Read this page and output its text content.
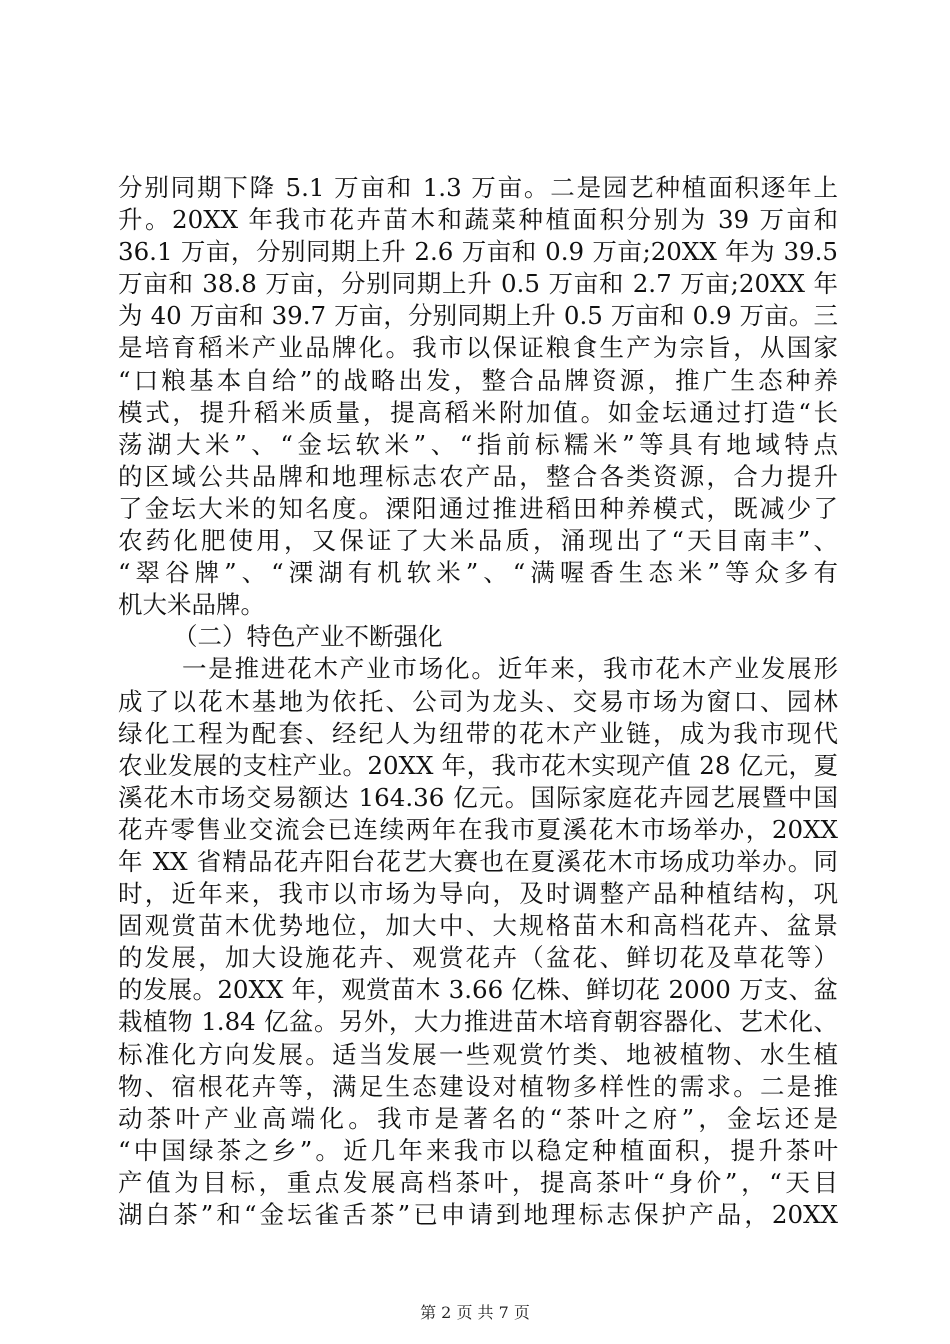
分别同期下降 5.1 万亩和 1.3 万亩。二是园艺种植面积逐年上
升。20XX 年我市花卉苗木和蔬菜种植面积分别为 39 万亩和
36.1 万亩，分别同期上升 2.6 万亩和 0.9 万亩;20XX 年为 39.5
万亩和 38.8 万亩，分别同期上升 0.5 万亩和 2.7 万亩;20XX 年
为 40 万亩和 39.7 万亩，分别同期上升 0.5 万亩和 0.9 万亩。三
是培育稻米产业品牌化。我市以保证粮食生产为宗旨，从国家
“口粮基本自给”的战略出发，整合品牌资源，推广生态种养
模式，提升稻米质量，提高稻米附加值。如金坛通过打造“长
荡湖大米”、“金坛软米”、“指前标糯米”等具有地域特点
的区域公共品牌和地理标志农产品，整合各类资源，合力提升
了金坛大米的知名度。溧阳通过推进稻田种养模式，既减少了
农药化肥使用，又保证了大米品质，涌现出了“天目南丰”、
“翠谷牌”、“溧湖有机软米”、“满喔香生态米”等众多有
机大米品牌。
（二）特色产业不断强化
一是推进花木产业市场化。近年来，我市花木产业发展形
成了以花木基地为依托、公司为龙头、交易市场为窗口、园林
绿化工程为配套、经纪人为纽带的花木产业链，成为我市现代
农业发展的支柱产业。20XX 年，我市花木实现产值 28 亿元，夏
溪花木市场交易额达 164.36 亿元。国际家庭花卉园艺展暨中国
花卉零售业交流会已连续两年在我市夏溪花木市场举办，20XX
年 XX 省精品花卉阳台花艺大赛也在夏溪花木市场成功举办。同
时，近年来，我市以市场为导向，及时调整产品种植结构，巩
固观赏苗木优势地位，加大中、大规格苗木和高档花卉、盆景
的发展，加大设施花卉、观赏花卉（盆花、鲜切花及草花等）
的发展。20XX 年，观赏苗木 3.66 亿株、鲜切花 2000 万支、盆
栽植物 1.84 亿盆。另外，大力推进苗木培育朝容器化、艺术化、
标准化方向发展。适当发展一些观赏竹类、地被植物、水生植
物、宿根花卉等，满足生态建设对植物多样性的需求。二是推
动茶叶产业高端化。我市是著名的“茶叶之府”，金坛还是
“中国绿茶之乡”。近几年来我市以稳定种植面积，提升茶叶
产值为目标，重点发展高档茶叶，提高茶叶“身价”，“天目
湖白茶”和“金坛雀舌茶”已申请到地理标志保护产品，20XX
第 2 页 共 7 页
